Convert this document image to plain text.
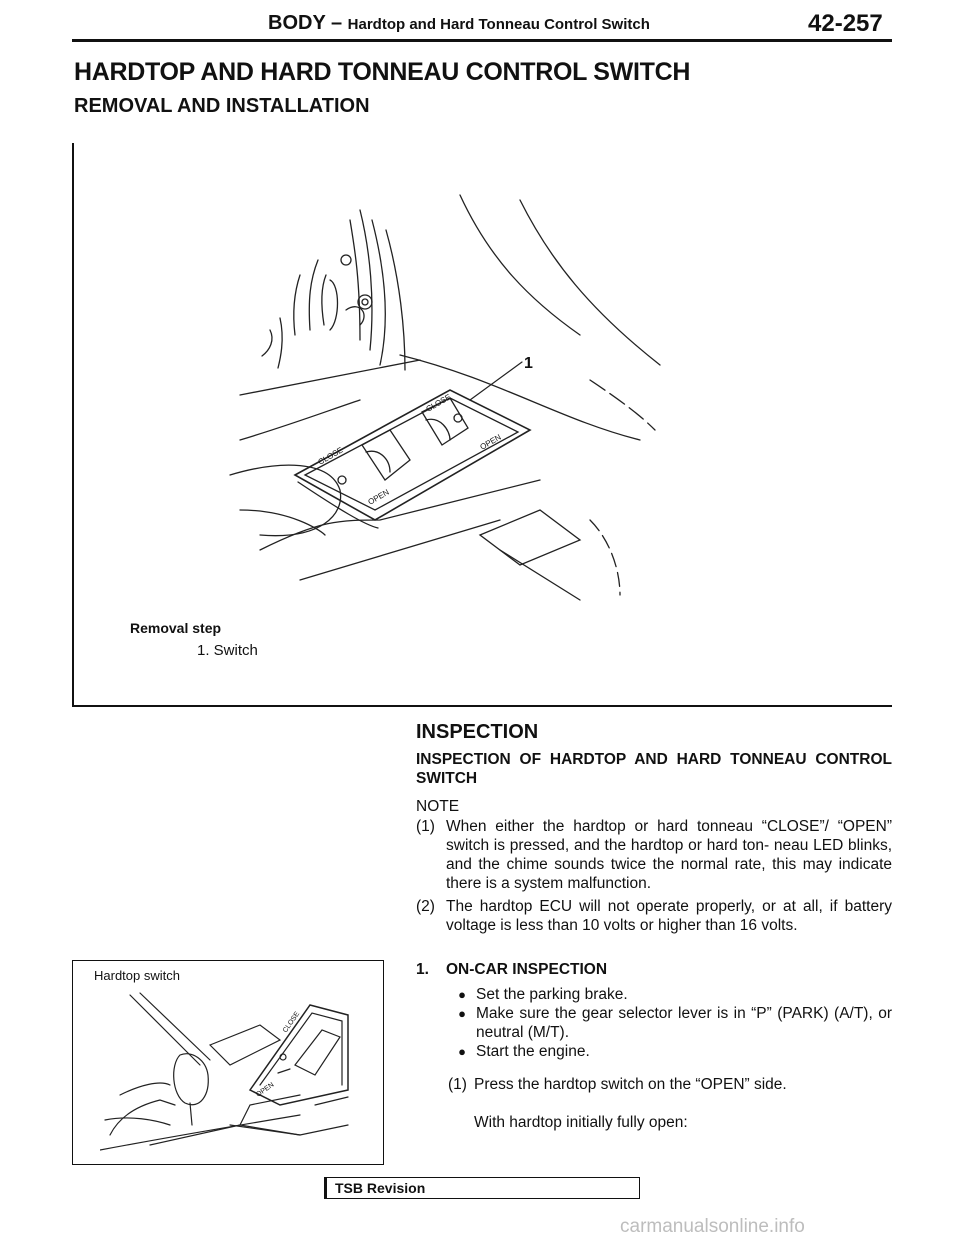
BODY – Hardtop and Hard Tonneau Control Switch	42-257
HARDTOP AND HARD TONNEAU CONTROL SWITCH
REMOVAL AND INSTALLATION
1
CLOSE
OPEN
CLOSE
OPEN
Removal step
1. Switch
Hardtop switch
CLOSE
OPEN
INSPECTION
INSPECTION OF HARDTOP AND HARD TONNEAU CONTROL SWITCH
NOTE
(1) When either the hardtop or hard tonneau “CLOSE”/ “OPEN” switch is pressed, and the hardtop or hard ton- neau LED blinks, and the chime sounds twice the normal rate, this may indicate there is a system malfunction.
(2) The hardtop ECU will not operate properly, or at all, if battery voltage is less than 10 volts or higher than 16 volts.
1.	ON-CAR INSPECTION
● Set the parking brake.
● Make sure the gear selector lever is in “P” (PARK) (A/T), or neutral (M/T).
● Start the engine.
(1) Press the hardtop switch on the “OPEN” side.
With hardtop initially fully open:
TSB Revision
carmanualsonline.info
